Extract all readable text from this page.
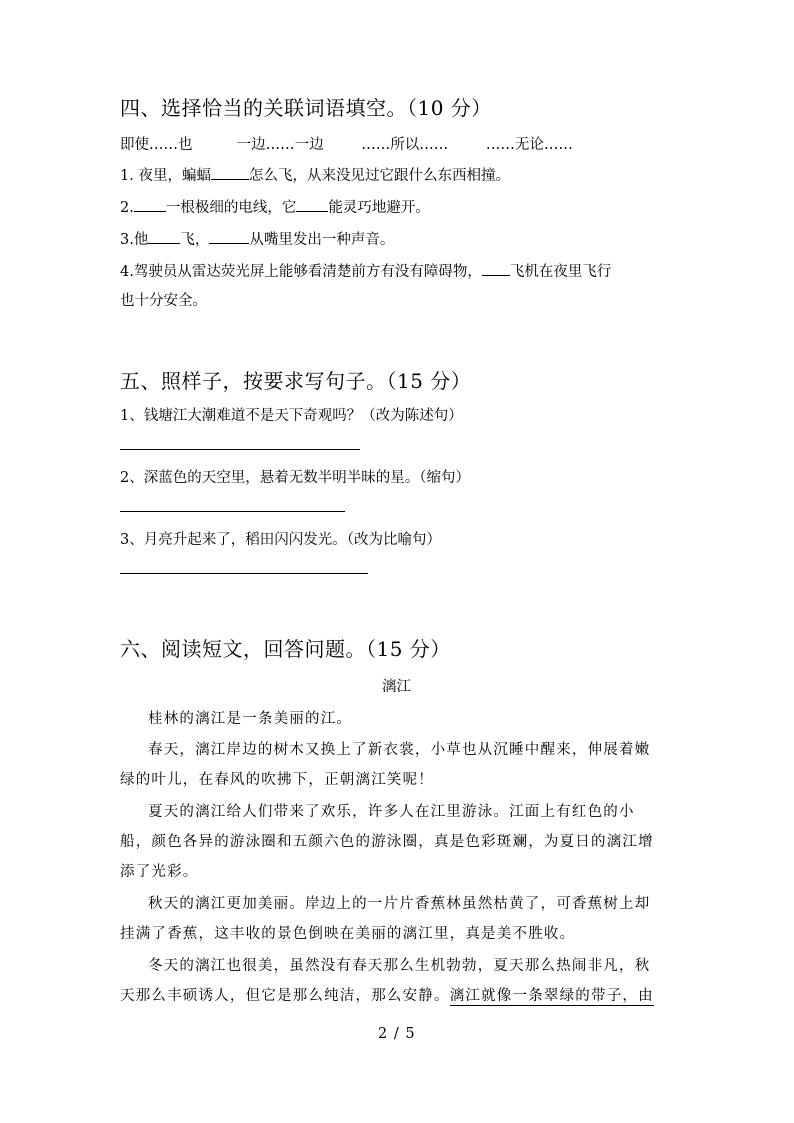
四、选择恰当的关联词语填空。（10 分）
即使……也	一边……一边	……所以……	……无论……
1. 夜里，蝙蝠	怎么飞，从来没见过它跟什么东西相撞。
2. 一根极细的电线，它 能灵巧地避开。
3.他 飞，	从嘴里发出一种声音。
4.驾驶员从雷达荧光屏上能够看清楚前方有没有障碍物， 飞机在夜里飞行
也十分安全。
五、照样子，按要求写句子。（15 分）
1、钱塘江大潮难道不是天下奇观吗？（改为陈述句）
2、深蓝色的天空里，悬着无数半明半昧的星。（缩句）
3、月亮升起来了，稻田闪闪发光。（改为比喻句）
六、阅读短文，回答问题。（15 分）
漓江
桂林的漓江是一条美丽的江。
春天，漓江岸边的树木又换上了新衣裳，小草也从沉睡中醒来，伸展着嫩
绿的叶儿，在春风的吹拂下，正朝漓江笑呢！
夏天的漓江给人们带来了欢乐，许多人在江里游泳。江面上有红色的小
船，颜色各异的游泳圈和五颜六色的游泳圈，真是色彩斑斓，为夏日的漓江增
添了光彩。
秋天的漓江更加美丽。岸边上的一片片香蕉林虽然枯黄了，可香蕉树上却
挂满了香蕉，这丰收的景色倒映在美丽的漓江里，真是美不胜收。
冬天的漓江也很美，虽然没有春天那么生机勃勃，夏天那么热闹非凡，秋
天那么丰硕诱人，但它是那么纯洁，那么安静。漓江就像一条翠绿的带子，由
2 / 5
